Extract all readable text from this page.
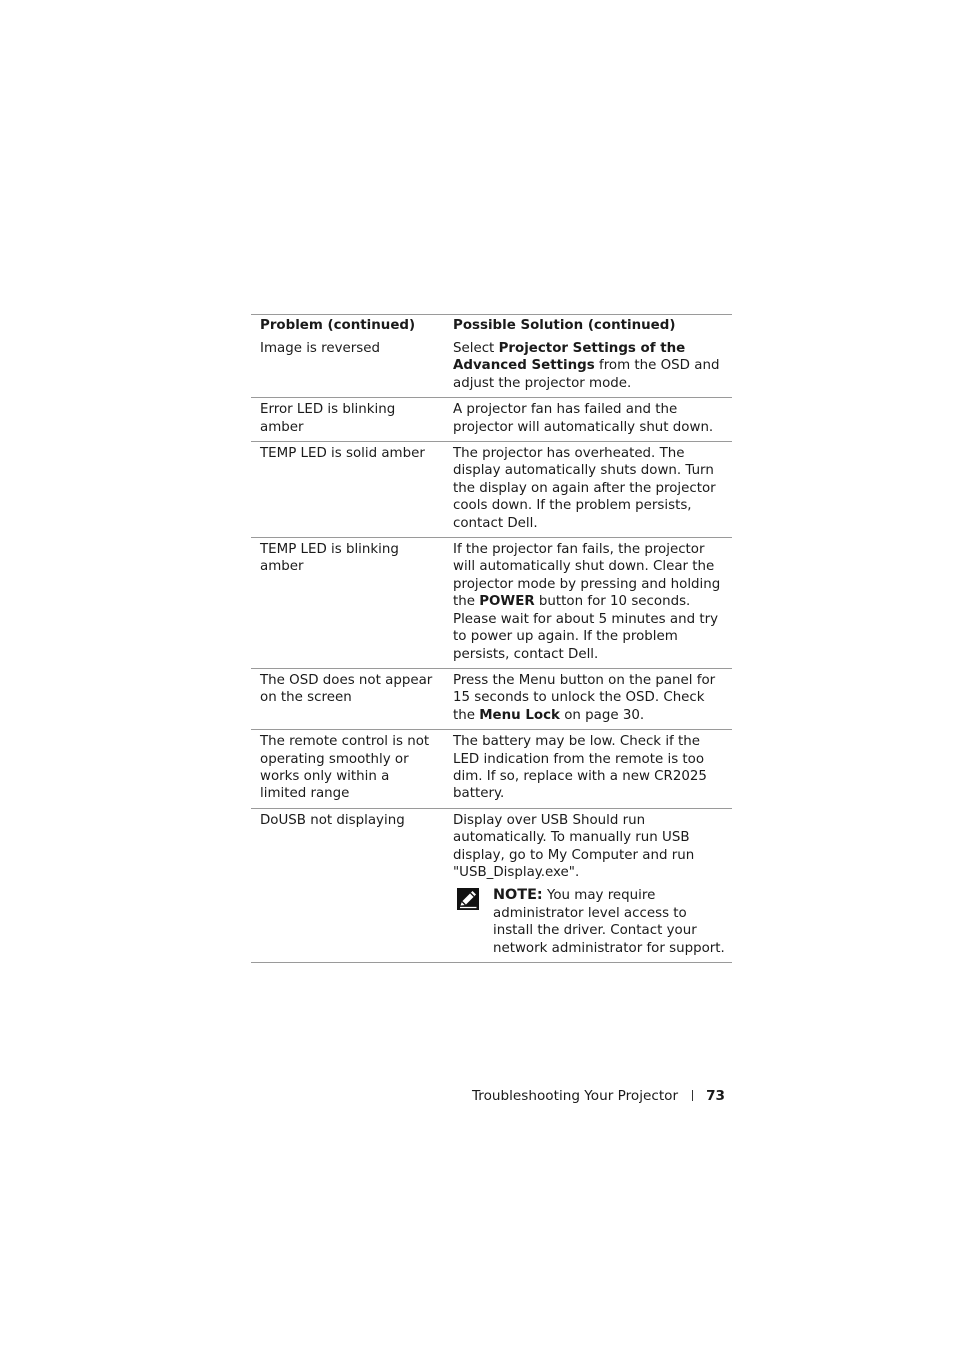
Problem (continued)	Possible Solution (continued)
Image is reversed	Select Projector Settings of the Advanced Settings from the OSD and adjust the projector mode.

Error LED is blinking amber	A projector fan has failed and the projector will automatically shut down.

TEMP LED is solid amber	The projector has overheated. The display automatically shuts down. Turn the display on again after the projector cools down. If the problem persists, contact Dell.

TEMP LED is blinking amber	If the projector fan fails, the projector will automatically shut down. Clear the projector mode by pressing and holding the POWER button for 10 seconds. Please wait for about 5 minutes and try to power up again. If the problem persists, contact Dell.

The OSD does not appear on the screen	Press the Menu button on the panel for 15 seconds to unlock the OSD. Check the Menu Lock on page 30.

The remote control is not operating smoothly or works only within a limited range	The battery may be low. Check if the LED indication from the remote is too dim. If so, replace with a new CR2025 battery.

DoUSB not displaying	Display over USB Should run automatically. To manually run USB display, go to My Computer and run "USB_Display.exe".
NOTE: You may require administrator level access to install the driver. Contact your network administrator for support.
Troubleshooting Your Projector 73
